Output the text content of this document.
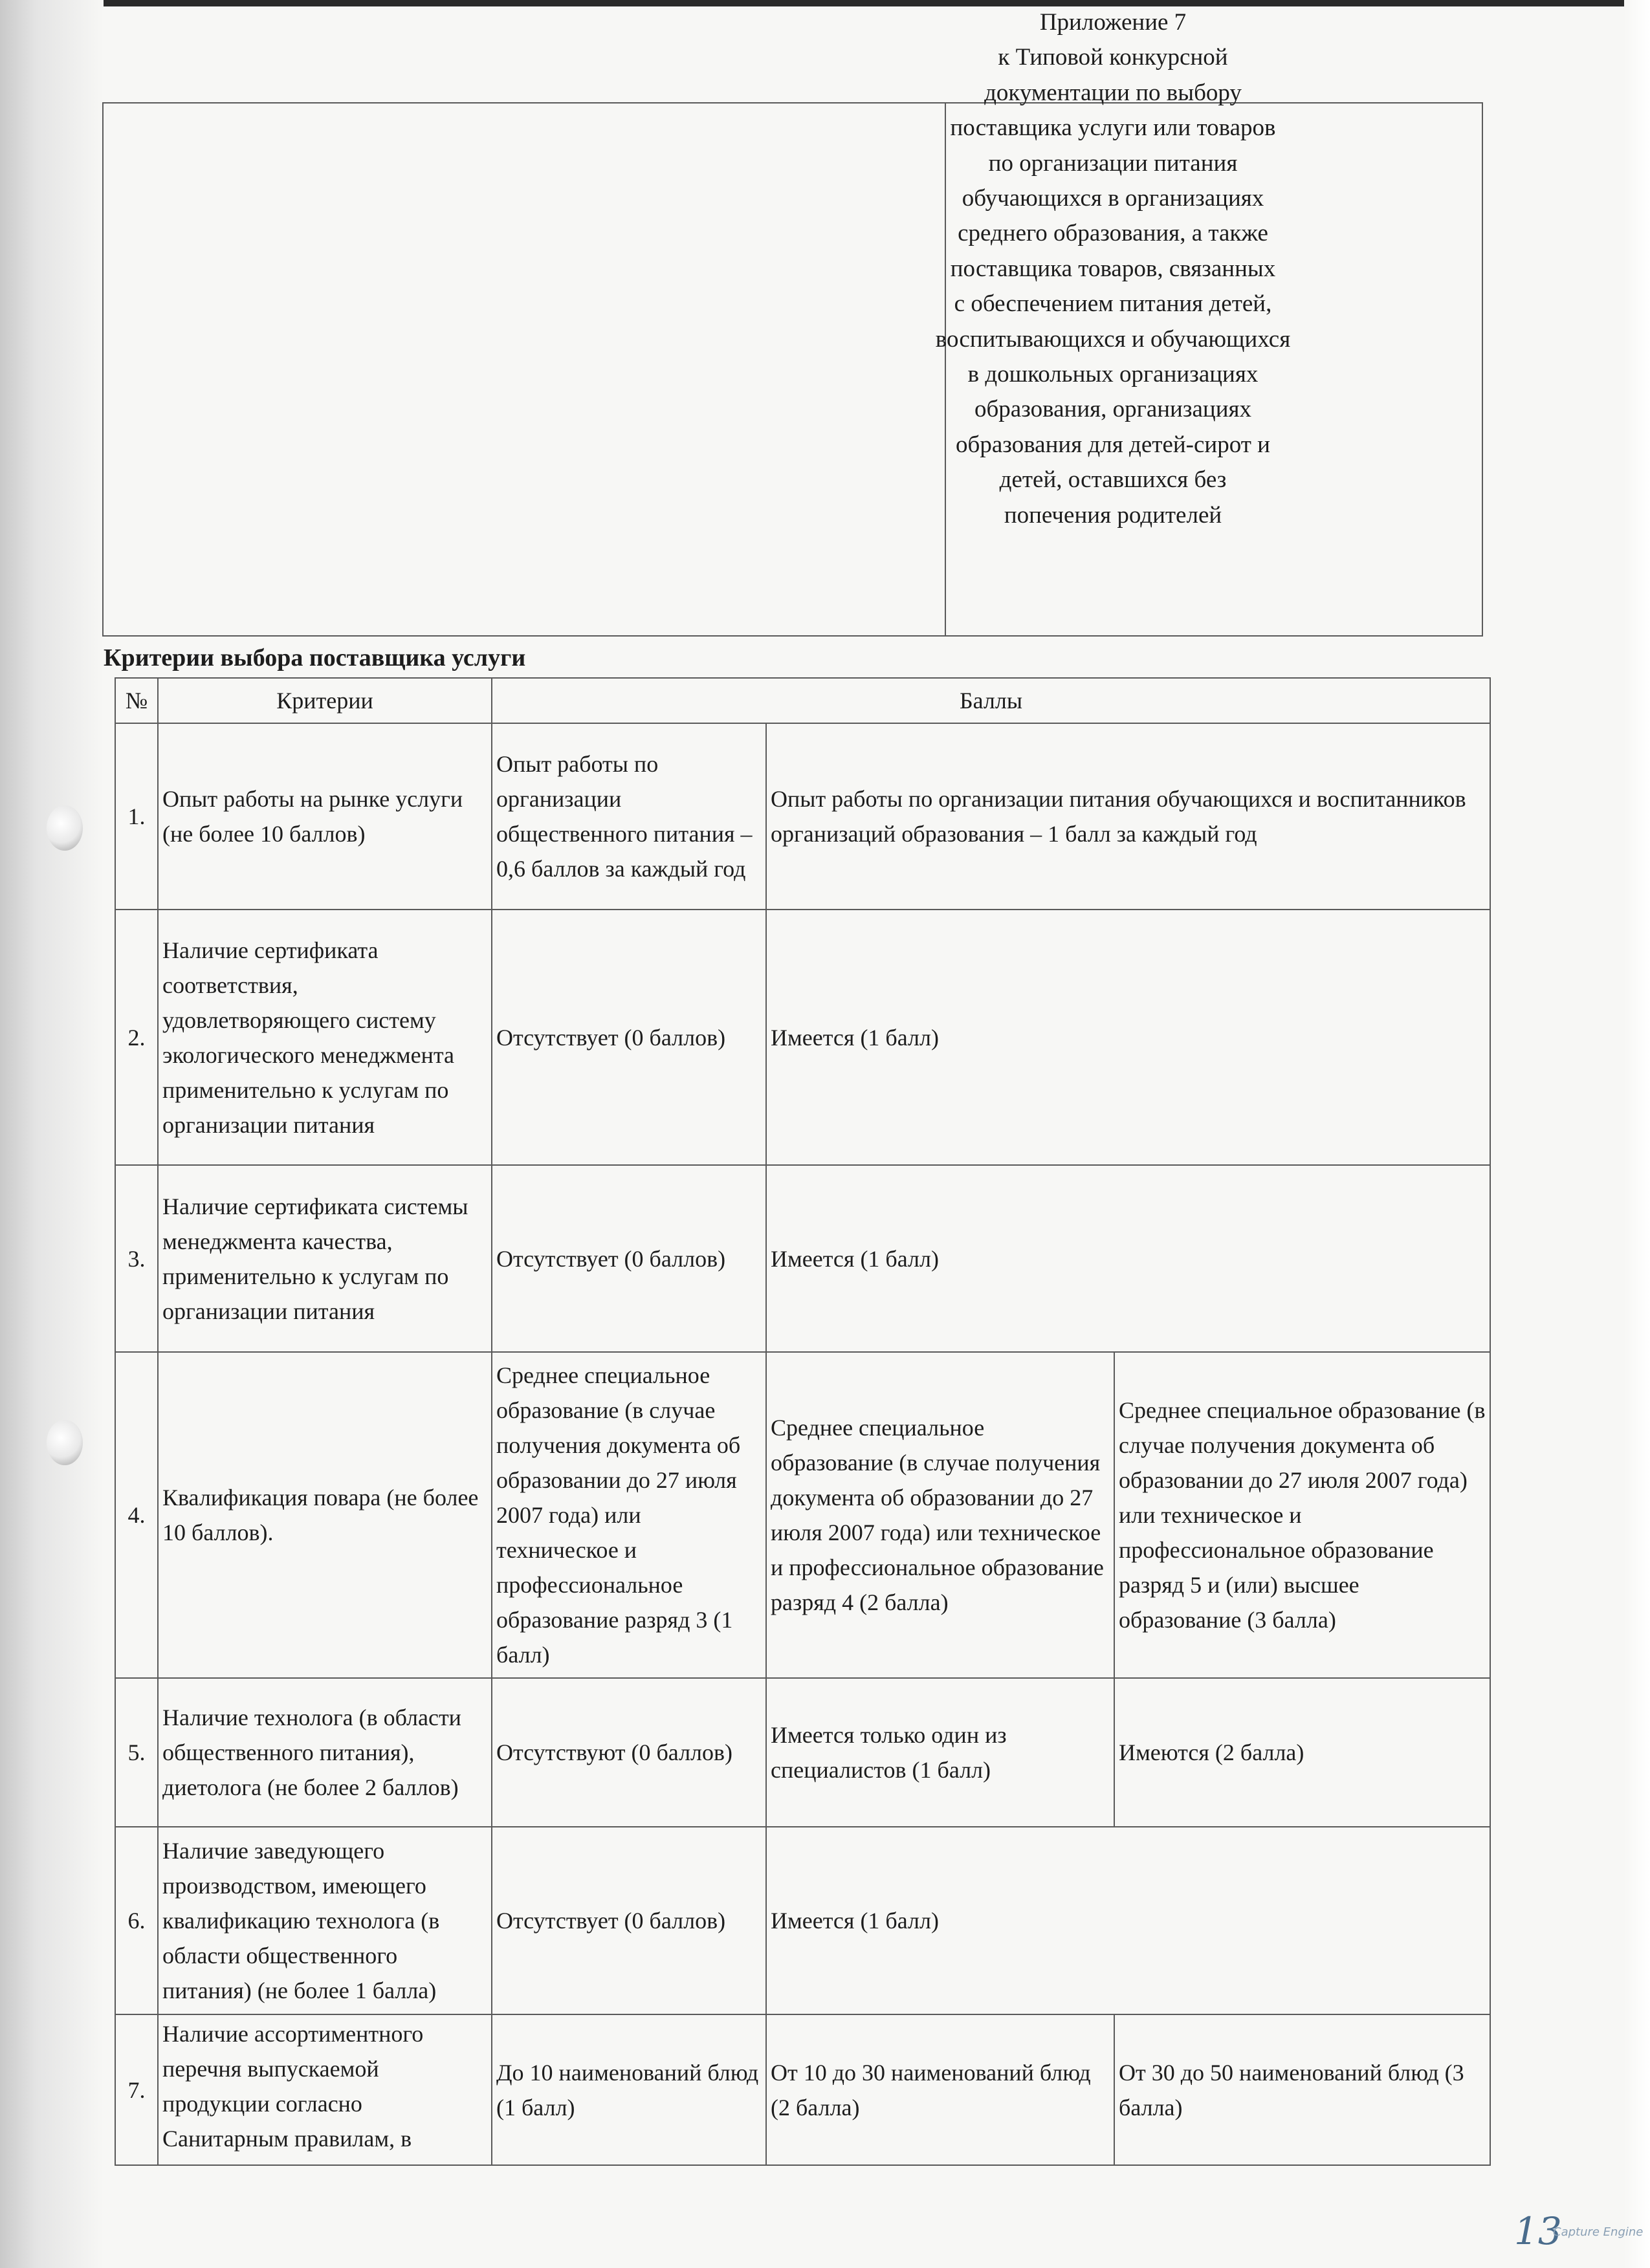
Приложение 7
к Типовой конкурсной
документации по выбору
поставщика услуги или товаров
по организации питания
обучающихся в организациях
среднего образования, а также
поставщика товаров, связанных
с обеспечением питания детей,
воспитывающихся и обучающихся
в дошкольных организациях
образования, организациях
образования для детей-сирот и
детей, оставшихся без
попечения родителей
Критерии выбора поставщика услуги
№	Критерии	Баллы		
1.	Опыт работы на рынке услуги (не более 10 баллов)	Опыт работы по организации общественного питания – 0,6 баллов за каждый год	Опыт работы по организации питания обучающихся и воспитанников организаций образования – 1 балл за каждый год	
2.	Наличие сертификата соответствия, удовлетворяющего систему экологического менеджмента применительно к услугам по организации питания	Отсутствует (0 баллов)	Имеется (1 балл)	
3.	Наличие сертификата системы менеджмента качества, применительно к услугам по организации питания	Отсутствует (0 баллов)	Имеется (1 балл)	
4.	Квалификация повара (не более 10 баллов).	Среднее специальное образование (в случае получения документа об образовании до 27 июля 2007 года) или техническое и профессиональное образование разряд 3 (1 балл)	Среднее специальное образование (в случае получения документа об образовании до 27 июля 2007 года) или техническое и профессиональное образование разряд 4 (2 балла)	Среднее специальное образование (в случае получения документа об образовании до 27 июля 2007 года) или техническое и профессиональное образование разряд 5 и (или) высшее образование (3 балла)
5.	Наличие технолога (в области общественного питания), диетолога (не более 2 баллов)	Отсутствуют (0 баллов)	Имеется только один из специалистов (1 балл)	Имеются (2 балла)
6.	Наличие заведующего производством, имеющего квалификацию технолога (в области общественного питания) (не более 1 балла)	Отсутствует (0 баллов)	Имеется (1 балл)	
7.	Наличие ассортиментного перечня выпускаемой продукции согласно Санитарным правилам, в	До 10 наименований блюд (1 балл)	От 10 до 30 наименований блюд (2 балла)	От 30 до 50 наименований блюд (3 балла)
13
Capture Engine
